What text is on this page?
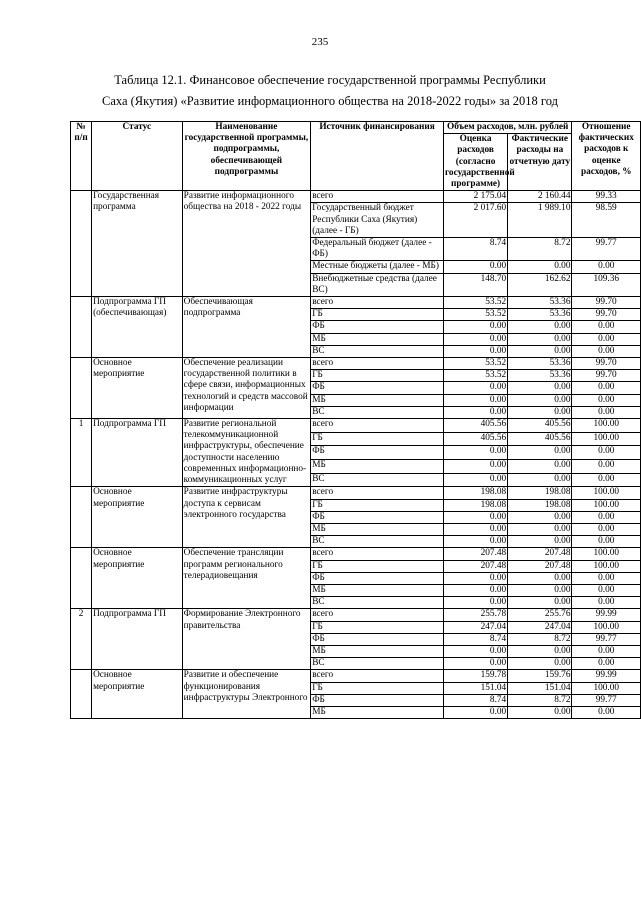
235
Таблица 12.1. Финансовое обеспечение государственной программы Республики
Саха (Якутия) «Развитие информационного общества на 2018-2022 годы» за 2018 год
№ п/п	Статус	Наименование государственной программы, подпрограммы, обеспечивающей подпрограммы	Источник финансирования	Объем расходов, млн. рублей		Отношение фактических расходов к оценке расходов, %
				Оценка расходов (согласно государственной программе)	Фактические расходы на отчетную дату	
	Государственная программа	Развитие информационного общества на 2018 - 2022 годы	всего	2 175.04	2 160.44	99.33
			Государственный бюджет Республики Саха (Якутия) (далее - ГБ)	2 017.60	1 989.10	98.59
			Федеральный бюджет (далее - ФБ)	8.74	8.72	99.77
			Местные бюджеты (далее - МБ)	0.00	0.00	0.00
			Внебюджетные средства (далее ВС)	148.70	162.62	109.36
	Подпрограмма ГП (обеспечивающая)	Обеспечивающая подпрограмма	всего	53.52	53.36	99.70
			ГБ	53.52	53.36	99.70
			ФБ	0.00	0.00	0.00
			МБ	0.00	0.00	0.00
			ВС	0.00	0.00	0.00
	Основное мероприятие	Обеспечение реализации государственной политики в сфере связи, информационных технологий и средств массовой информации	всего	53.52	53.36	99.70
			ГБ	53.52	53.36	99.70
			ФБ	0.00	0.00	0.00
			МБ	0.00	0.00	0.00
			ВС	0.00	0.00	0.00
1	Подпрограмма ГП	Развитие региональной телекоммуникационной инфраструктуры, обеспечение доступности населению современных информационно-коммуникационных услуг	всего	405.56	405.56	100.00
			ГБ	405.56	405.56	100.00
			ФБ	0.00	0.00	0.00
			МБ	0.00	0.00	0.00
			ВС	0.00	0.00	0.00
	Основное мероприятие	Развитие инфраструктуры доступа к сервисам электронного государства	всего	198.08	198.08	100.00
			ГБ	198.08	198.08	100.00
			ФБ	0.00	0.00	0.00
			МБ	0.00	0.00	0.00
			ВС	0.00	0.00	0.00
	Основное мероприятие	Обеспечение трансляции программ регионального телерадиовещания	всего	207.48	207.48	100.00
			ГБ	207.48	207.48	100.00
			ФБ	0.00	0.00	0.00
			МБ	0.00	0.00	0.00
			ВС	0.00	0.00	0.00
2	Подпрограмма ГП	Формирование Электронного правительства	всего	255.78	255.76	99.99
			ГБ	247.04	247.04	100.00
			ФБ	8.74	8.72	99.77
			МБ	0.00	0.00	0.00
			ВС	0.00	0.00	0.00
	Основное мероприятие	Развитие и обеспечение функционирования инфраструктуры Электронного	всего	159.78	159.76	99.99
			ГБ	151.04	151.04	100.00
			ФБ	8.74	8.72	99.77
			МБ	0.00	0.00	0.00
